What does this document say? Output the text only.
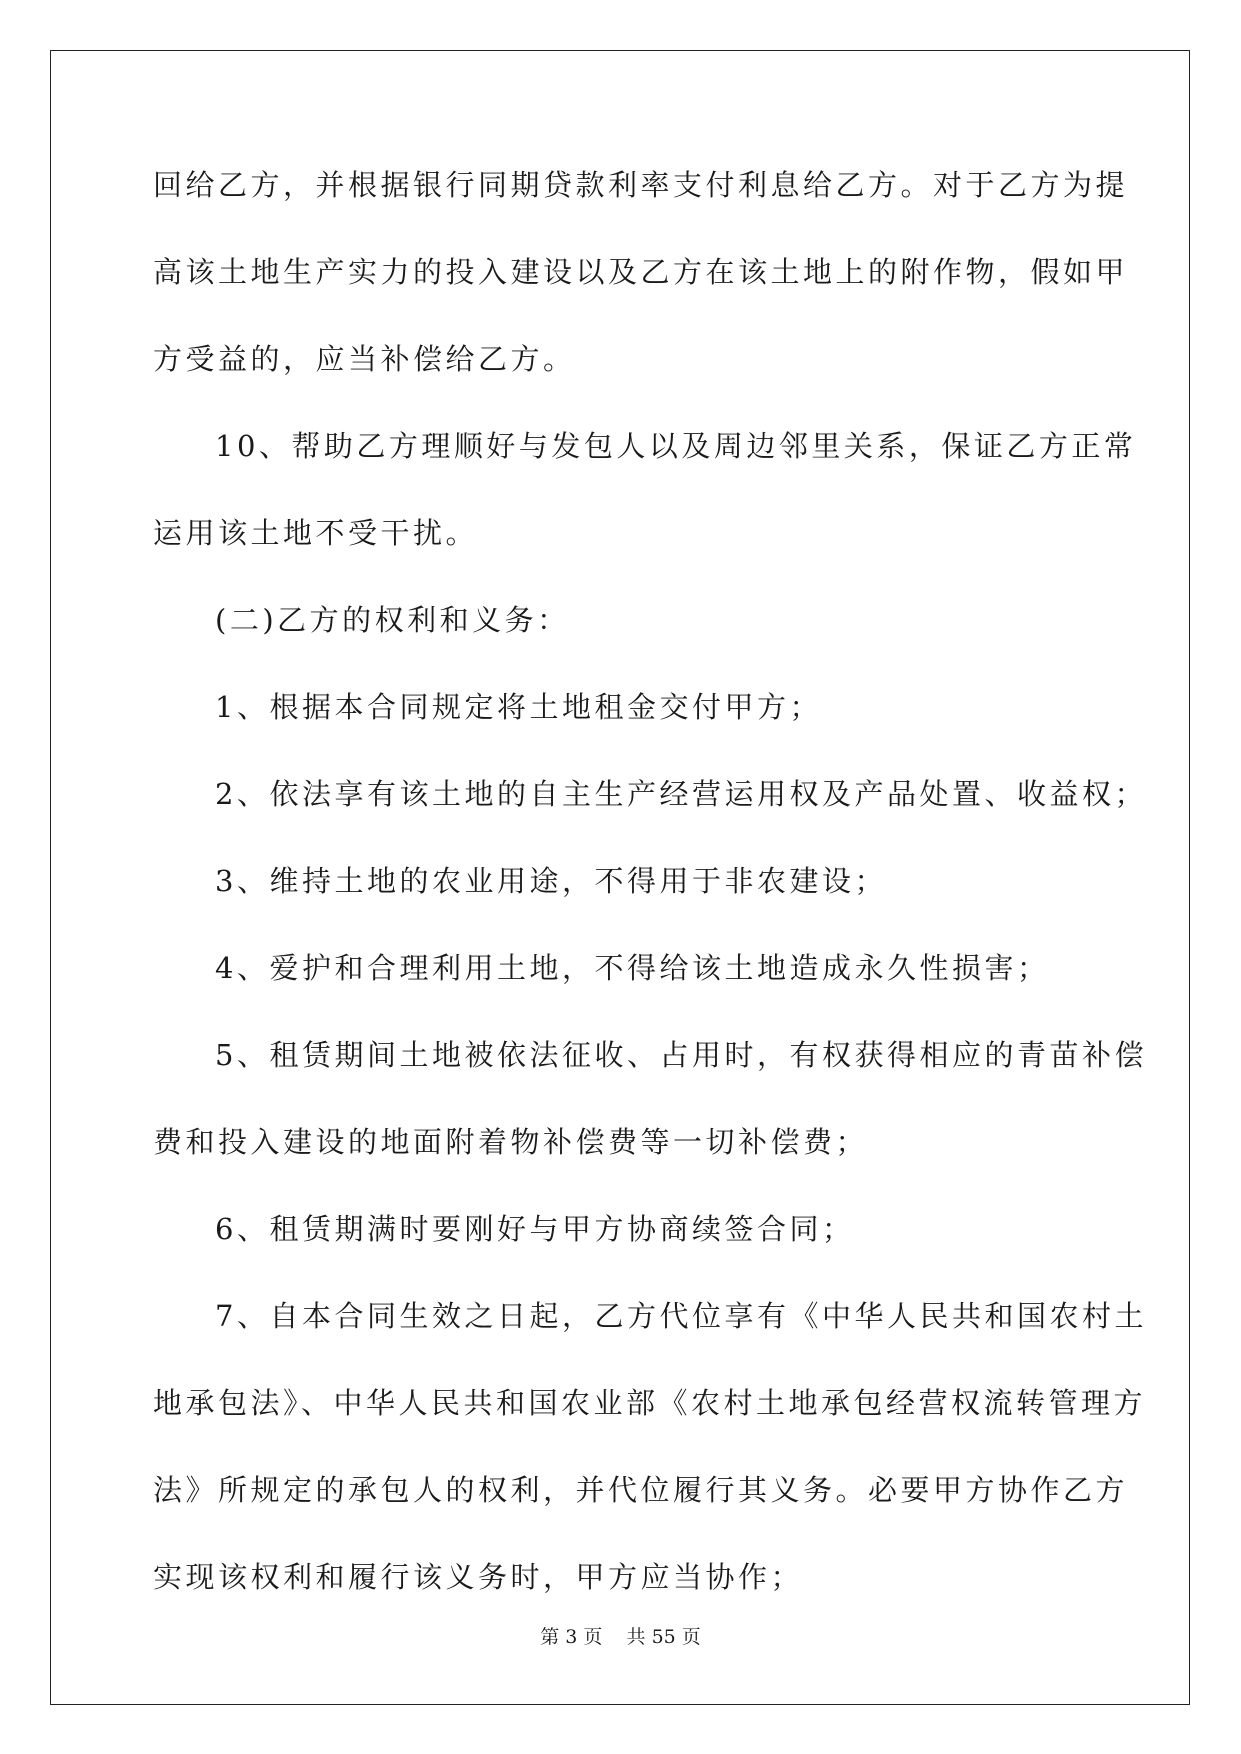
回给乙方，并根据银行同期贷款利率支付利息给乙方。对于乙方为提
高该土地生产实力的投入建设以及乙方在该土地上的附作物，假如甲
方受益的，应当补偿给乙方。
10、帮助乙方理顺好与发包人以及周边邻里关系，保证乙方正常
运用该土地不受干扰。
(二)乙方的权利和义务：
1、根据本合同规定将土地租金交付甲方；
2、依法享有该土地的自主生产经营运用权及产品处置、收益权；
3、维持土地的农业用途，不得用于非农建设；
4、爱护和合理利用土地，不得给该土地造成永久性损害；
5、租赁期间土地被依法征收、占用时，有权获得相应的青苗补偿
费和投入建设的地面附着物补偿费等一切补偿费；
6、租赁期满时要刚好与甲方协商续签合同；
7、自本合同生效之日起，乙方代位享有《中华人民共和国农村土
地承包法》、中华人民共和国农业部《农村土地承包经营权流转管理方
法》所规定的承包人的权利，并代位履行其义务。必要甲方协作乙方
实现该权利和履行该义务时，甲方应当协作；
第 3 页    共 55 页
